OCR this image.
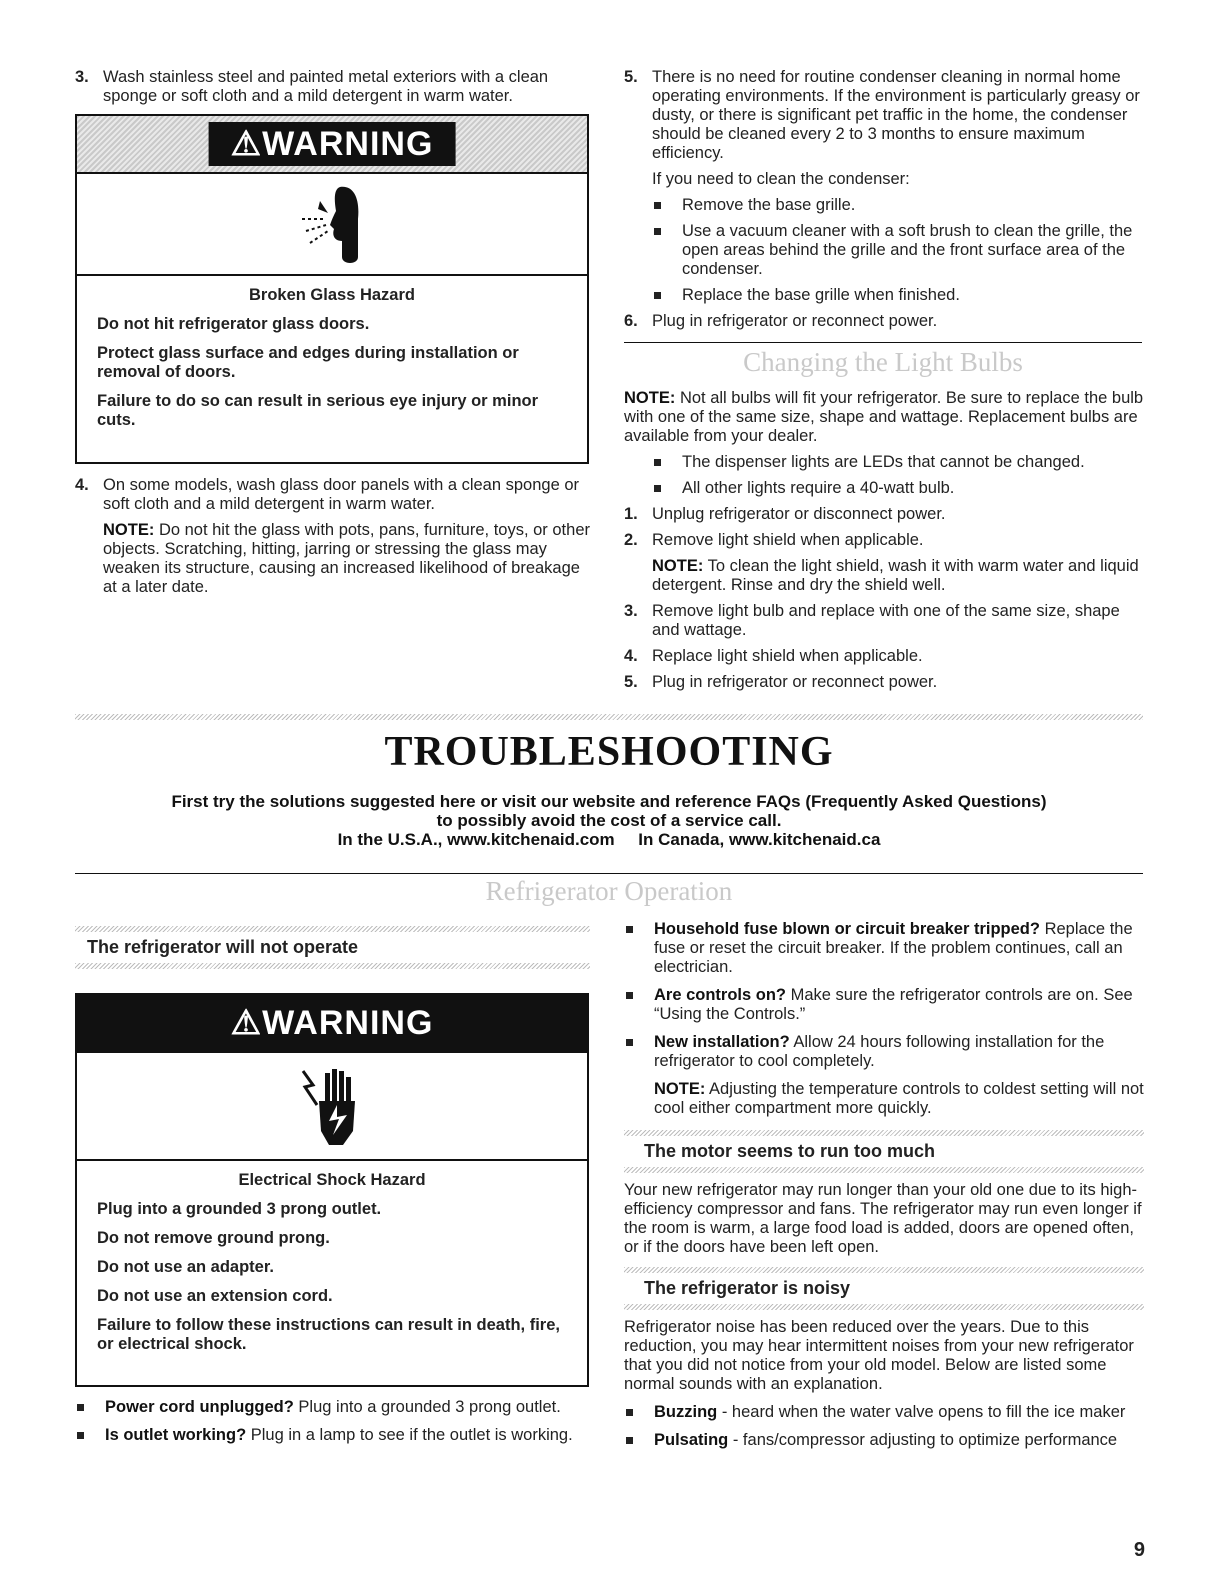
3. Wash stainless steel and painted metal exteriors with a clean sponge or soft cloth and a mild detergent in warm water.
⚠WARNING
Broken Glass Hazard

Do not hit refrigerator glass doors.

Protect glass surface and edges during installation or removal of doors.

Failure to do so can result in serious eye injury or minor cuts.

4. On some models, wash glass door panels with a clean sponge or soft cloth and a mild detergent in warm water.
NOTE: Do not hit the glass with pots, pans, furniture, toys, or other objects. Scratching, hitting, jarring or stressing the glass may weaken its structure, causing an increased likelihood of breakage at a later date.
5. There is no need for routine condenser cleaning in normal home operating environments. If the environment is particularly greasy or dusty, or there is significant pet traffic in the home, the condenser should be cleaned every 2 to 3 months to ensure maximum efficiency.
If you need to clean the condenser:
Remove the base grille.
Use a vacuum cleaner with a soft brush to clean the grille, the open areas behind the grille and the front surface area of the condenser.
Replace the base grille when finished.
6. Plug in refrigerator or reconnect power.
Changing the Light Bulbs
NOTE: Not all bulbs will fit your refrigerator. Be sure to replace the bulb with one of the same size, shape and wattage. Replacement bulbs are available from your dealer.
The dispenser lights are LEDs that cannot be changed.
All other lights require a 40-watt bulb.
1. Unplug refrigerator or disconnect power.
2. Remove light shield when applicable.
NOTE: To clean the light shield, wash it with warm water and liquid detergent. Rinse and dry the shield well.
3. Remove light bulb and replace with one of the same size, shape and wattage.
4. Replace light shield when applicable.
5. Plug in refrigerator or reconnect power.
TROUBLESHOOTING
First try the solutions suggested here or visit our website and reference FAQs (Frequently Asked Questions)
to possibly avoid the cost of a service call.
In the U.S.A., www.kitchenaid.com     In Canada, www.kitchenaid.ca
Refrigerator Operation
The refrigerator will not operate
⚠WARNING
Electrical Shock Hazard

Plug into a grounded 3 prong outlet.

Do not remove ground prong.

Do not use an adapter.

Do not use an extension cord.

Failure to follow these instructions can result in death, fire, or electrical shock.

Power cord unplugged? Plug into a grounded 3 prong outlet.
Is outlet working? Plug in a lamp to see if the outlet is working.
Household fuse blown or circuit breaker tripped? Replace the fuse or reset the circuit breaker. If the problem continues, call an electrician.
Are controls on? Make sure the refrigerator controls are on. See “Using the Controls.”
New installation? Allow 24 hours following installation for the refrigerator to cool completely.
NOTE: Adjusting the temperature controls to coldest setting will not cool either compartment more quickly.
The motor seems to run too much
Your new refrigerator may run longer than your old one due to its high-efficiency compressor and fans. The refrigerator may run even longer if the room is warm, a large food load is added, doors are opened often, or if the doors have been left open.
The refrigerator is noisy
Refrigerator noise has been reduced over the years. Due to this reduction, you may hear intermittent noises from your new refrigerator that you did not notice from your old model. Below are listed some normal sounds with an explanation.
Buzzing - heard when the water valve opens to fill the ice maker
Pulsating - fans/compressor adjusting to optimize performance
9
